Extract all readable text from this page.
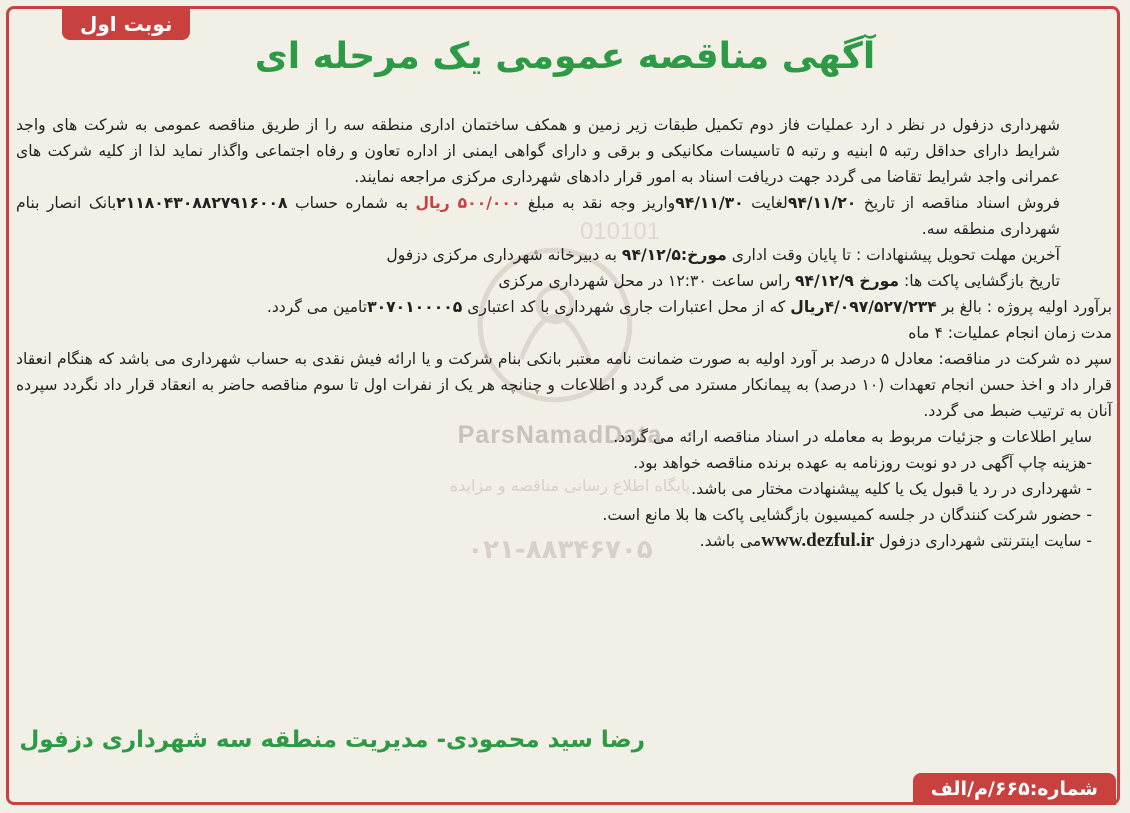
نوبت اول
آگهی مناقصه عمومی یک مرحله ای
010101
ParsNamadData
پایگاه اطلاع رسانی مناقصه و مزایده
۰۲۱-۸۸۳۴۶۷۰۵

شهرداری دزفول در نظر د ارد عملیات فاز دوم تکمیل طبقات زیر زمین و همکف ساختمان اداری منطقه سه را از طریق مناقصه عمومی به شرکت های واجد شرایط دارای حداقل رتبه ۵ ابنیه و رتبه ۵ تاسیسات مکانیکی و برقی و دارای گواهی ایمنی از اداره تعاون و رفاه اجتماعی واگذار نماید لذا از کلیه شرکت های عمرانی واجد شرایط تقاضا می گردد جهت دریافت اسناد به امور قرار دادهای شهرداری مرکزی مراجعه نمایند.

فروش اسناد مناقصه از تاریخ ۹۴/۱۱/۲۰لغایت ۹۴/۱۱/۳۰واریز وجه نقد به مبلغ ۵۰۰/۰۰۰ ریال به شماره حساب ۲۱۱۸۰۴۳۰۸۸۲۷۹۱۶۰۰۸بانک انصار بنام شهرداری منطقه سه.

آخرین مهلت تحویل پیشنهادات : تا پایان وقت اداری مورخ:۹۴/۱۲/۵ به دبیرخانه شهرداری مرکزی دزفول

تاریخ بازگشایی پاکت ها: مورخ ۹۴/۱۲/۹ راس ساعت ۱۲:۳۰ در محل شهرداری مرکزی

برآورد اولیه پروژه : بالغ بر ۴/۰۹۷/۵۲۷/۲۳۴ریال که از محل اعتبارات جاری شهرداری با کد اعتباری ۳۰۷۰۱۰۰۰۰۵تامین می گردد.

مدت زمان انجام عملیات: ۴ ماه

سپر ده شرکت در مناقصه: معادل ۵ درصد بر آورد اولیه به صورت ضمانت نامه معتبر بانکی بنام شرکت و یا ارائه فیش نقدی به حساب شهرداری می باشد که هنگام انعقاد قرار داد و اخذ حسن انجام تعهدات (۱۰ درصد) به پیمانکار مسترد می گردد و اطلاعات و چنانچه هر یک از نفرات اول تا سوم مناقصه حاضر به انعقاد قرار داد نگردد سپرده آنان به ترتیب ضبط می گردد.

سایر اطلاعات و جزئیات مربوط به معامله در اسناد مناقصه ارائه می گردد.

-هزینه چاپ آگهی در دو نوبت روزنامه به عهده برنده مناقصه خواهد بود.

- شهرداری در رد یا قبول یک یا کلیه پیشنهادت مختار می باشد.

- حضور شرکت کنندگان در جلسه کمیسیون بازگشایی پاکت ها بلا مانع است.

- سایت اینترنتی شهرداری دزفول www.dezful.irمی باشد.

رضا سید محمودی- مدیریت منطقه سه شهرداری دزفول
شماره:۶۶۵/م/الف
